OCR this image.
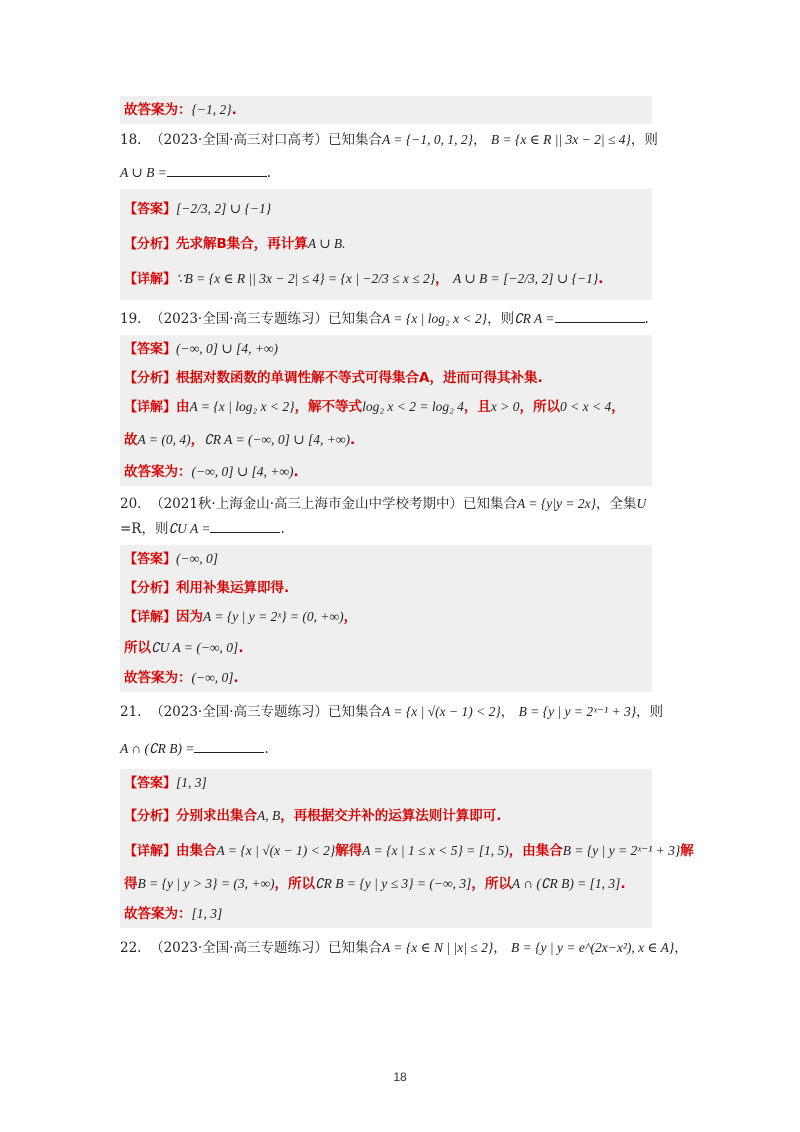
故答案为：{−1, 2}.
18. （2023·全国·高三对口高考）已知集合A = {−1, 0, 1, 2}， B = {x ∈ R || 3x − 2| ≤ 4}，则
A ∪ B =	.
【答案】[−2/3, 2] ∪ {−1}
【分析】先求解B集合，再计算A ∪ B.
【详解】∵B = {x ∈ R || 3x − 2| ≤ 4} = {x | −2/3 ≤ x ≤ 2}， A ∪ B = [−2/3, 2] ∪ {−1}.
19. （2023·全国·高三专题练习）已知集合A = {x | log₂ x < 2}，则∁R A =	.
【答案】(−∞, 0] ∪ [4, +∞)
【分析】根据对数函数的单调性解不等式可得集合A，进而可得其补集.
【详解】由A = {x | log₂ x < 2}，解不等式log₂ x < 2 = log₂ 4，且x > 0，所以0 < x < 4，
故A = (0, 4)，∁R A = (−∞, 0] ∪ [4, +∞).
故答案为：(−∞, 0] ∪ [4, +∞).
20. （2021秋·上海金山·高三上海市金山中学校考期中）已知集合A = {y|y = 2x}，全集U
=R，则∁U A =	.
【答案】(−∞, 0]
【分析】利用补集运算即得.
【详解】因为A = {y | y = 2ˣ} = (0, +∞)，
所以∁U A = (−∞, 0].
故答案为：(−∞, 0].
21. （2023·全国·高三专题练习）已知集合A = {x | √(x − 1) < 2}， B = {y | y = 2ˣ⁻¹ + 3}，则
A ∩ (∁R B) =	.
【答案】[1, 3]
【分析】分别求出集合A, B，再根据交并补的运算法则计算即可.
【详解】由集合A = {x | √(x − 1) < 2}解得A = {x | 1 ≤ x < 5} = [1, 5)，由集合B = {y | y = 2ˣ⁻¹ + 3}解
得B = {y | y > 3} = (3, +∞)，所以∁R B = {y | y ≤ 3} = (−∞, 3]，所以A ∩ (∁R B) = [1, 3].
故答案为：[1, 3]
22. （2023·全国·高三专题练习）已知集合A = {x ∈ N | |x| ≤ 2}， B = {y | y = e^(2x−x²), x ∈ A}，
18
